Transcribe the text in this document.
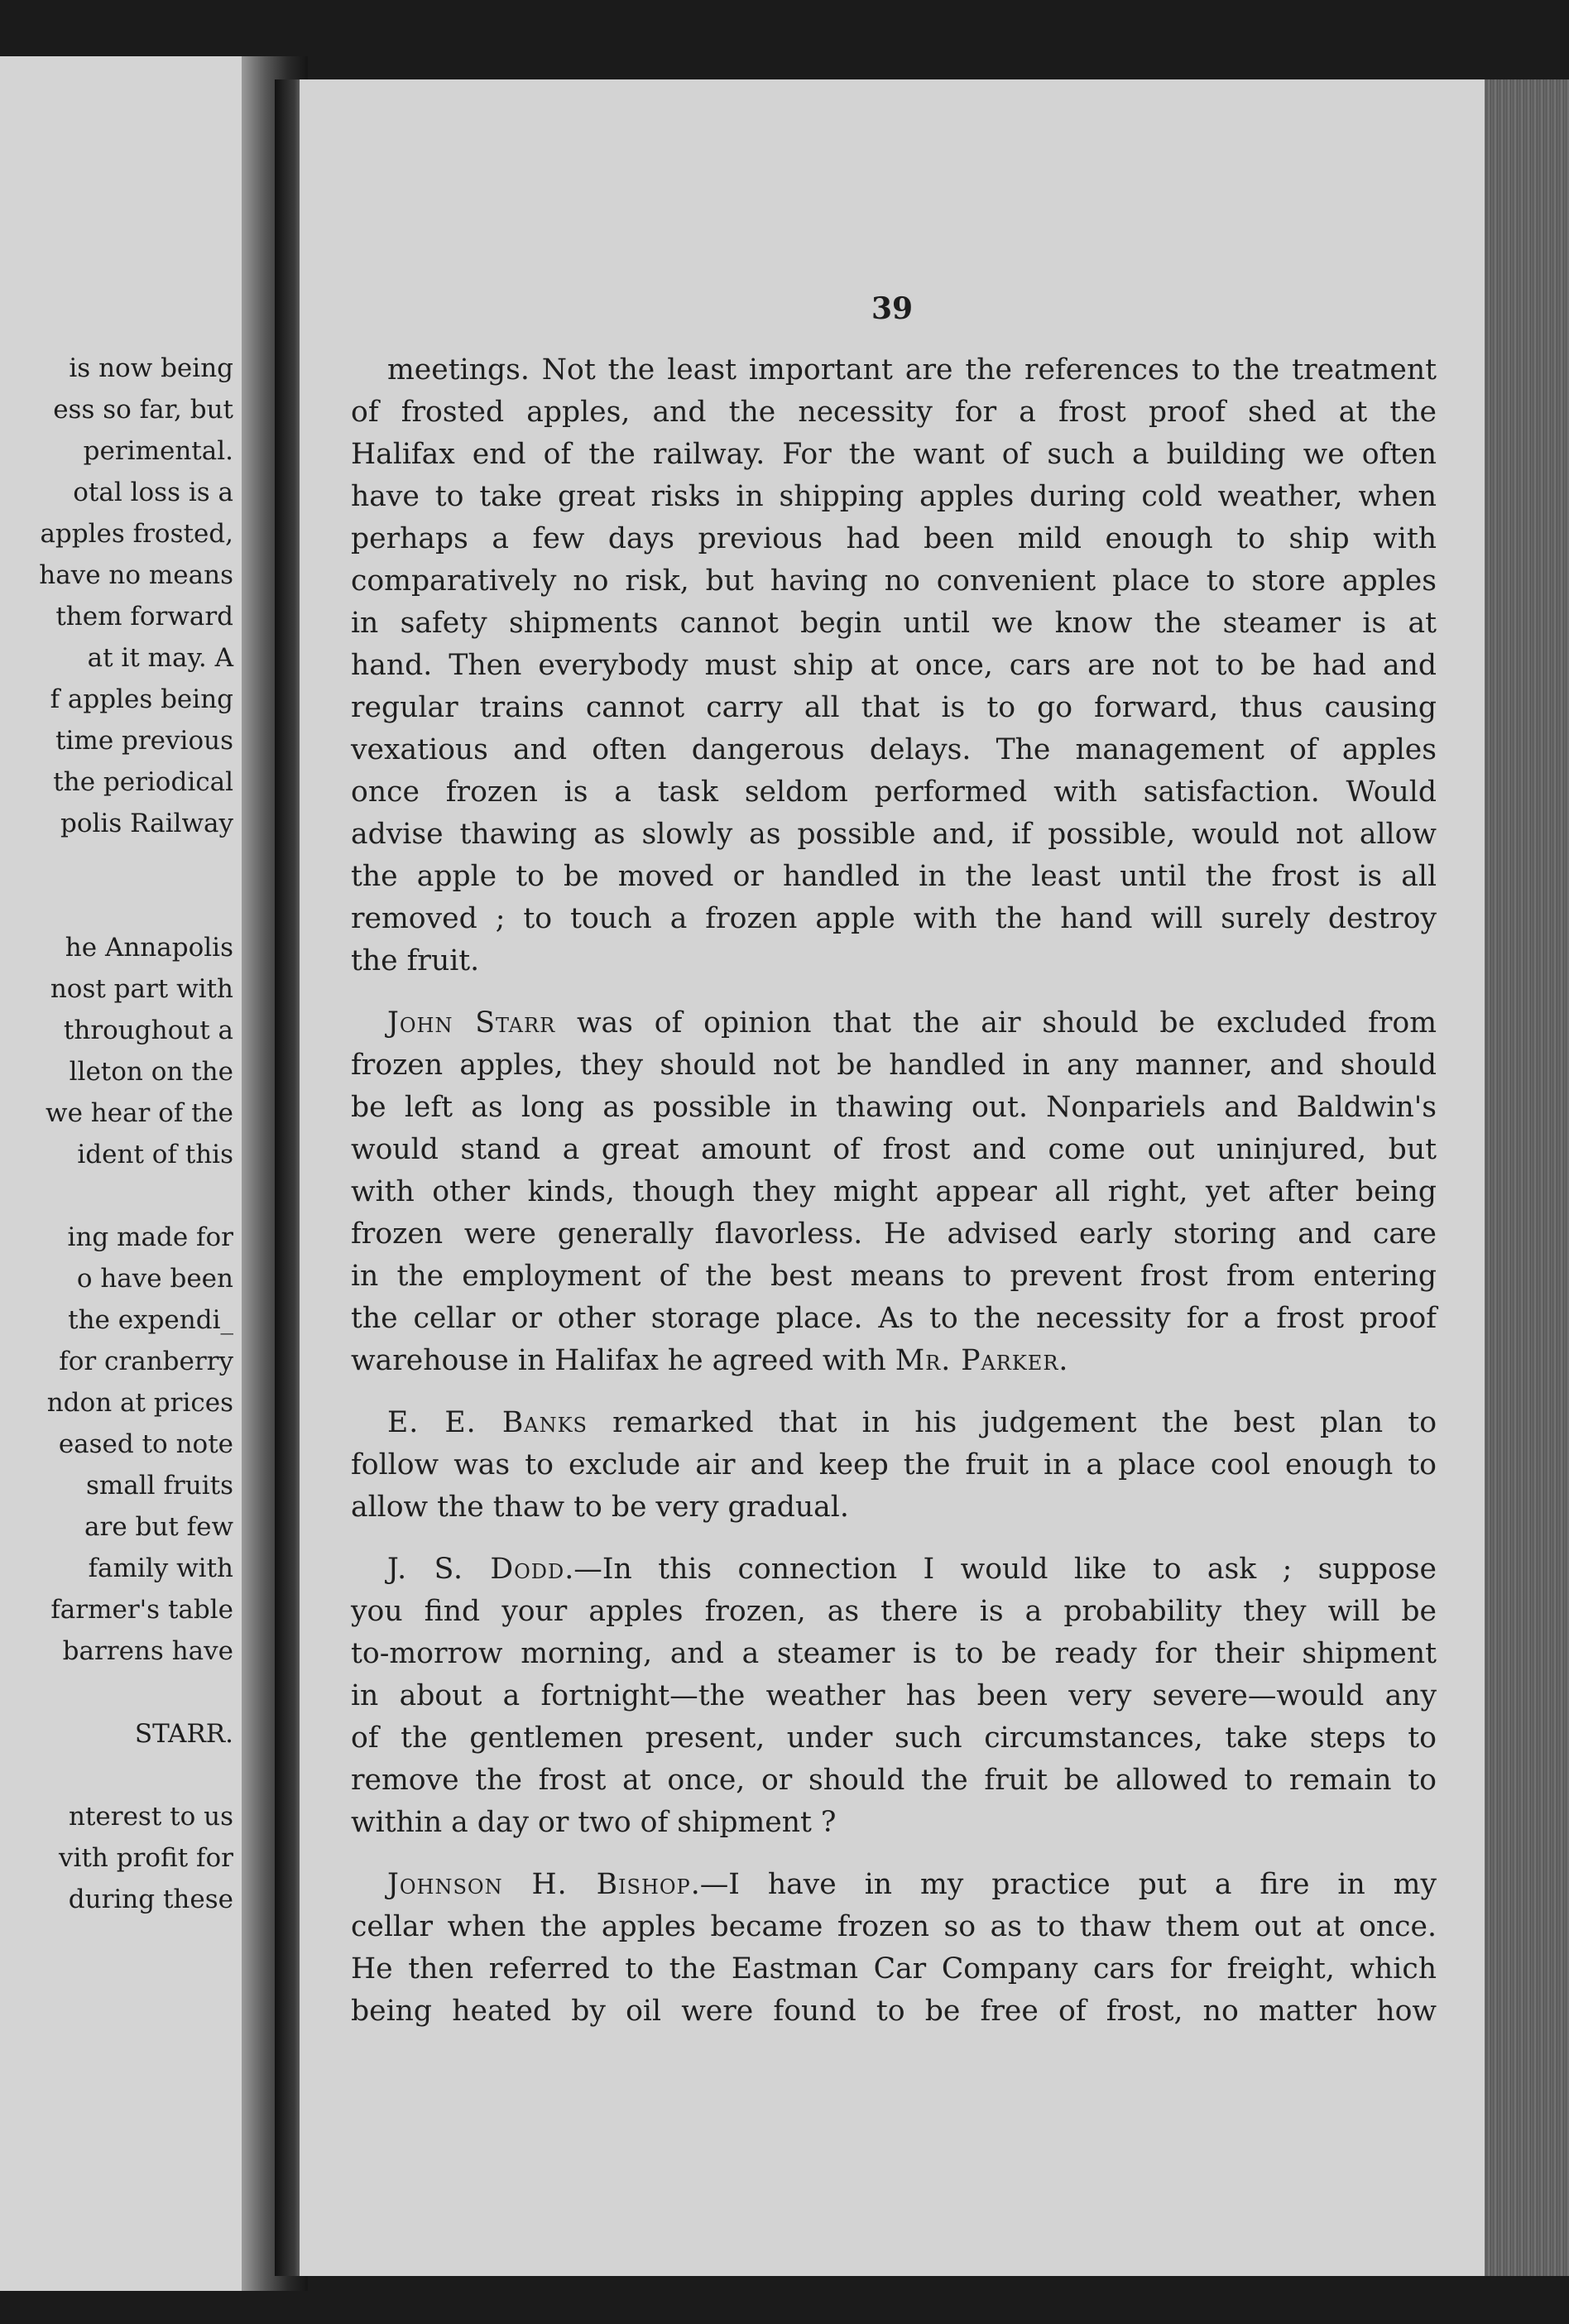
is now being
ess so far, but
perimental.
otal loss is a
apples frosted,
have no means
them forward
at it may. A
f apples being
time previous
the periodical
polis Railway
he Annapolis
nost part with
throughout a
lleton on the
we hear of the
ident of this
ing made for
o have been
the expendi_
for cranberry
ndon at prices
eased to note
small fruits
are but few
family with
farmer's table
barrens have
STARR.
nterest to us
vith profit for
during these
39
meetings. Not the least important are the references to the treatment
of frosted apples, and the necessity for a frost proof shed at the
Halifax end of the railway. For the want of such a building we often
have to take great risks in shipping apples during cold weather, when
perhaps a few days previous had been mild enough to ship with
comparatively no risk, but having no convenient place to store apples
in safety shipments cannot begin until we know the steamer is at
hand. Then everybody must ship at once, cars are not to be had and
regular trains cannot carry all that is to go forward, thus causing
vexatious and often dangerous delays. The management of apples
once frozen is a task seldom performed with satisfaction. Would
advise thawing as slowly as possible and, if possible, would not allow
the apple to be moved or handled in the least until the frost is all
removed ; to touch a frozen apple with the hand will surely destroy
the fruit.
John Starr was of opinion that the air should be excluded from
frozen apples, they should not be handled in any manner, and should
be left as long as possible in thawing out. Nonpariels and Baldwin's
would stand a great amount of frost and come out uninjured, but
with other kinds, though they might appear all right, yet after being
frozen were generally flavorless. He advised early storing and care
in the employment of the best means to prevent frost from entering
the cellar or other storage place. As to the necessity for a frost proof
warehouse in Halifax he agreed with Mr. Parker.
E. E. Banks remarked that in his judgement the best plan to
follow was to exclude air and keep the fruit in a place cool enough to
allow the thaw to be very gradual.
J. S. Dodd.—In this connection I would like to ask ; suppose
you find your apples frozen, as there is a probability they will be
to-morrow morning, and a steamer is to be ready for their shipment
in about a fortnight—the weather has been very severe—would any
of the gentlemen present, under such circumstances, take steps to
remove the frost at once, or should the fruit be allowed to remain to
within a day or two of shipment ?
Johnson H. Bishop.—I have in my practice put a fire in my
cellar when the apples became frozen so as to thaw them out at once.
He then referred to the Eastman Car Company cars for freight, which
being heated by oil were found to be free of frost, no matter how
